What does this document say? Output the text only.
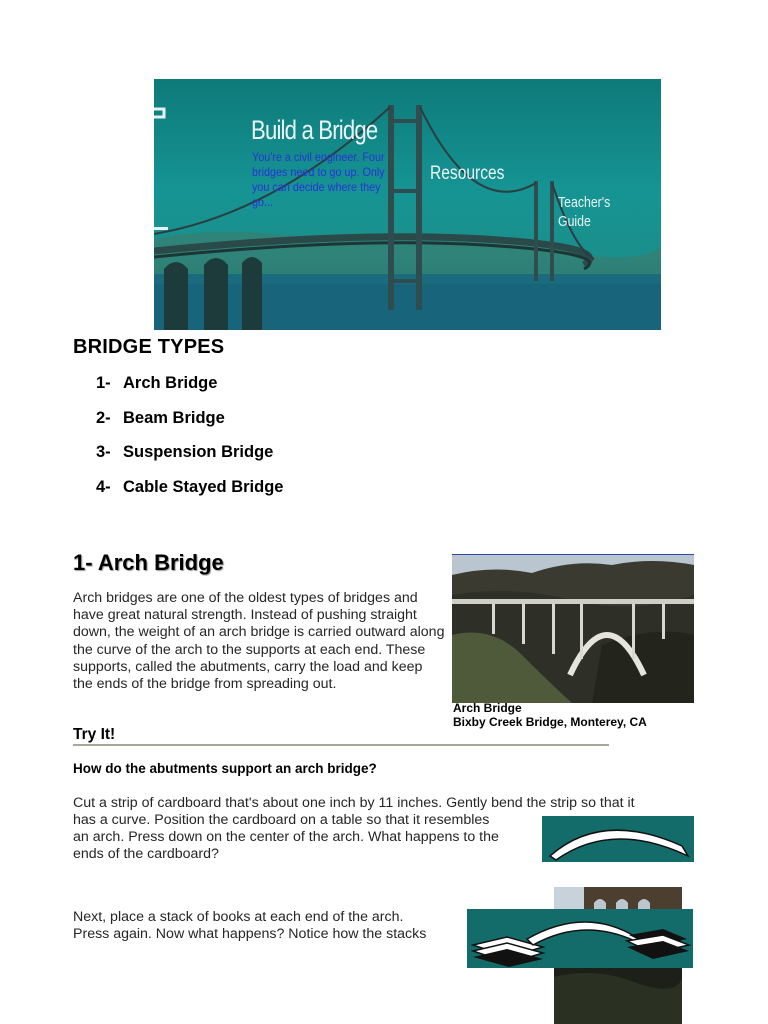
Build a Bridge
You're a civil engineer. Four bridges need to go up. Only you can decide where they go...
Resources
Teacher's Guide
BRIDGE TYPES
1- Arch Bridge
2- Beam Bridge
3- Suspension Bridge
4- Cable Stayed Bridge
1- Arch Bridge

Arch bridges are one of the oldest types of bridges and have great natural strength. Instead of pushing straight down, the weight of an arch bridge is carried outward along the curve of the arch to the supports at each end. These supports, called the abutments, carry the load and keep the ends of the bridge from spreading out.

Arch Bridge
Bixby Creek Bridge, Monterey, CA
Try It!
How do the abutments support an arch bridge?

Cut a strip of cardboard that's about one inch by 11 inches. Gently bend the strip so that it
has a curve. Position the cardboard on a table so that it resembles
an arch. Press down on the center of the arch. What happens to the
ends of the cardboard?

Next, place a stack of books at each end of the arch.
Press again. Now what happens? Notice how the stacks
